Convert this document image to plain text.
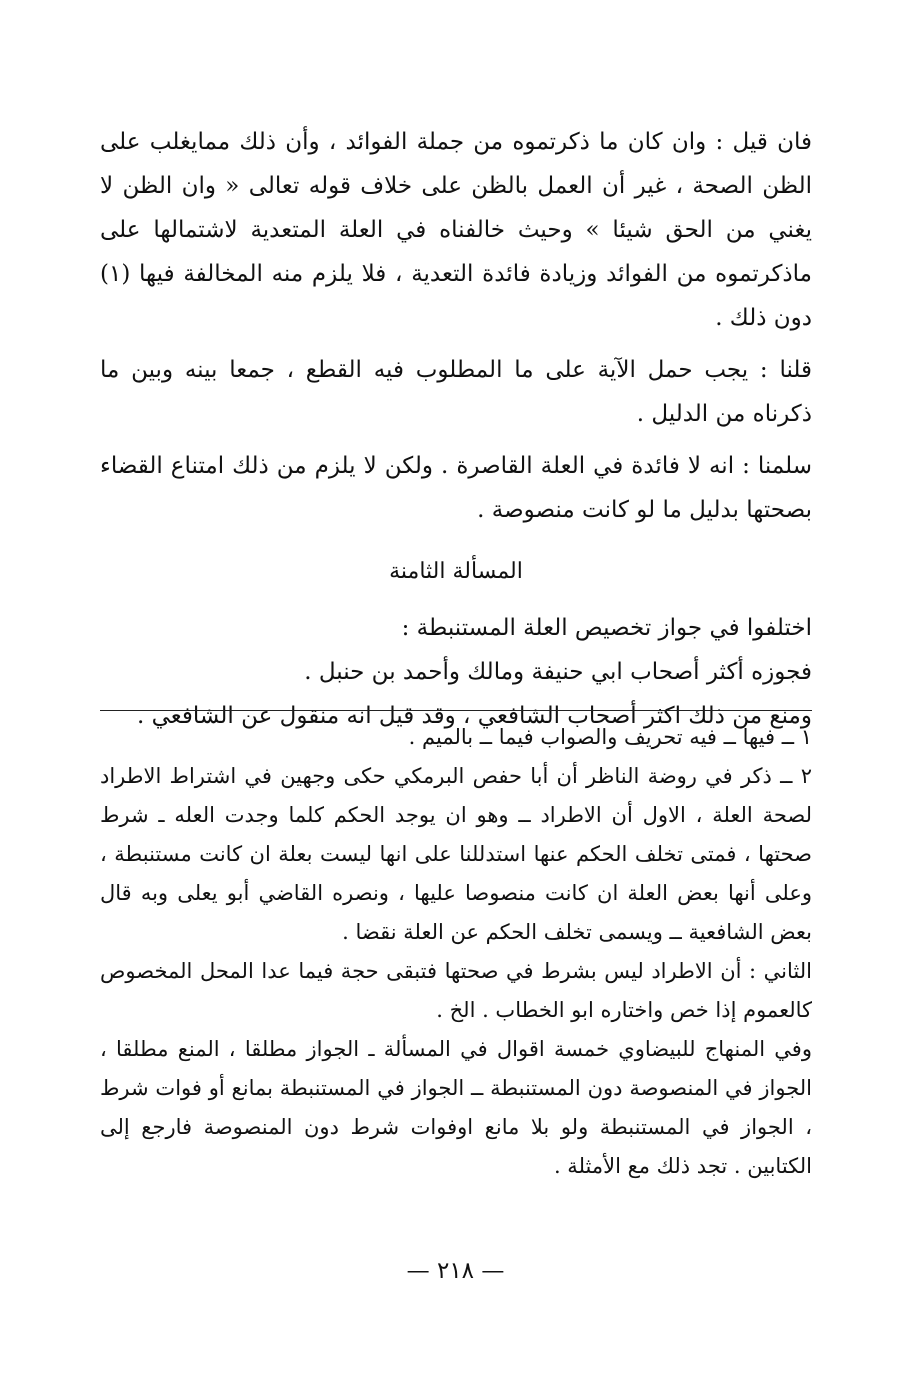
فان قيل : وان كان ما ذكرتموه من جملة الفوائد ، وأن ذلك ممايغلب على الظن الصحة ، غير أن العمل بالظن على خلاف قوله تعالى « وان الظن لا يغني من الحق شيئا » وحيث خالفناه في العلة المتعدية لاشتمالها على ماذكرتموه من الفوائد وزيادة فائدة التعدية ، فلا يلزم منه المخالفة فيها (١) دون ذلك .

قلنا : يجب حمل الآية على ما المطلوب فيه القطع ، جمعا بينه وبين ما ذكرناه من الدليل .

سلمنا : انه لا فائدة في العلة القاصرة . ولكن لا يلزم من ذلك امتناع القضاء بصحتها بدليل ما لو كانت منصوصة .

المسألة الثامنة

اختلفوا في جواز تخصيص العلة المستنبطة :

فجوزه أكثر أصحاب ابي حنيفة ومالك وأحمد بن حنبل .

ومنع من ذلك اكثر أصحاب الشافعي ، وقد قيل انه منقول عن الشافعي .

١ ــ فيها ــ فيه تحريف والصواب فيما ــ بالميم .

٢ ــ ذكر في روضة الناظر أن أبا حفص البرمكي حكى وجهين في اشتراط الاطراد لصحة العلة ، الاول أن الاطراد ــ وهو ان يوجد الحكم كلما وجدت العله ـ شرط صحتها ، فمتى تخلف الحكم عنها استدللنا على انها ليست بعلة ان كانت مستنبطة ، وعلى أنها بعض العلة ان كانت منصوصا عليها ، ونصره القاضي أبو يعلى وبه قال بعض الشافعية ــ ويسمى تخلف الحكم عن العلة نقضا .

الثاني : أن الاطراد ليس بشرط في صحتها فتبقى حجة فيما عدا المحل المخصوص كالعموم إذا خص واختاره ابو الخطاب . الخ .

وفي المنهاج للبيضاوي خمسة اقوال في المسألة ـ الجواز مطلقا ، المنع مطلقا ، الجواز في المنصوصة دون المستنبطة ــ الجواز في المستنبطة بمانع أو فوات شرط ، الجواز في المستنبطة ولو بلا مانع اوفوات شرط دون المنصوصة فارجع إلى الكتابين . تجد ذلك مع الأمثلة .

— ٢١٨ —
